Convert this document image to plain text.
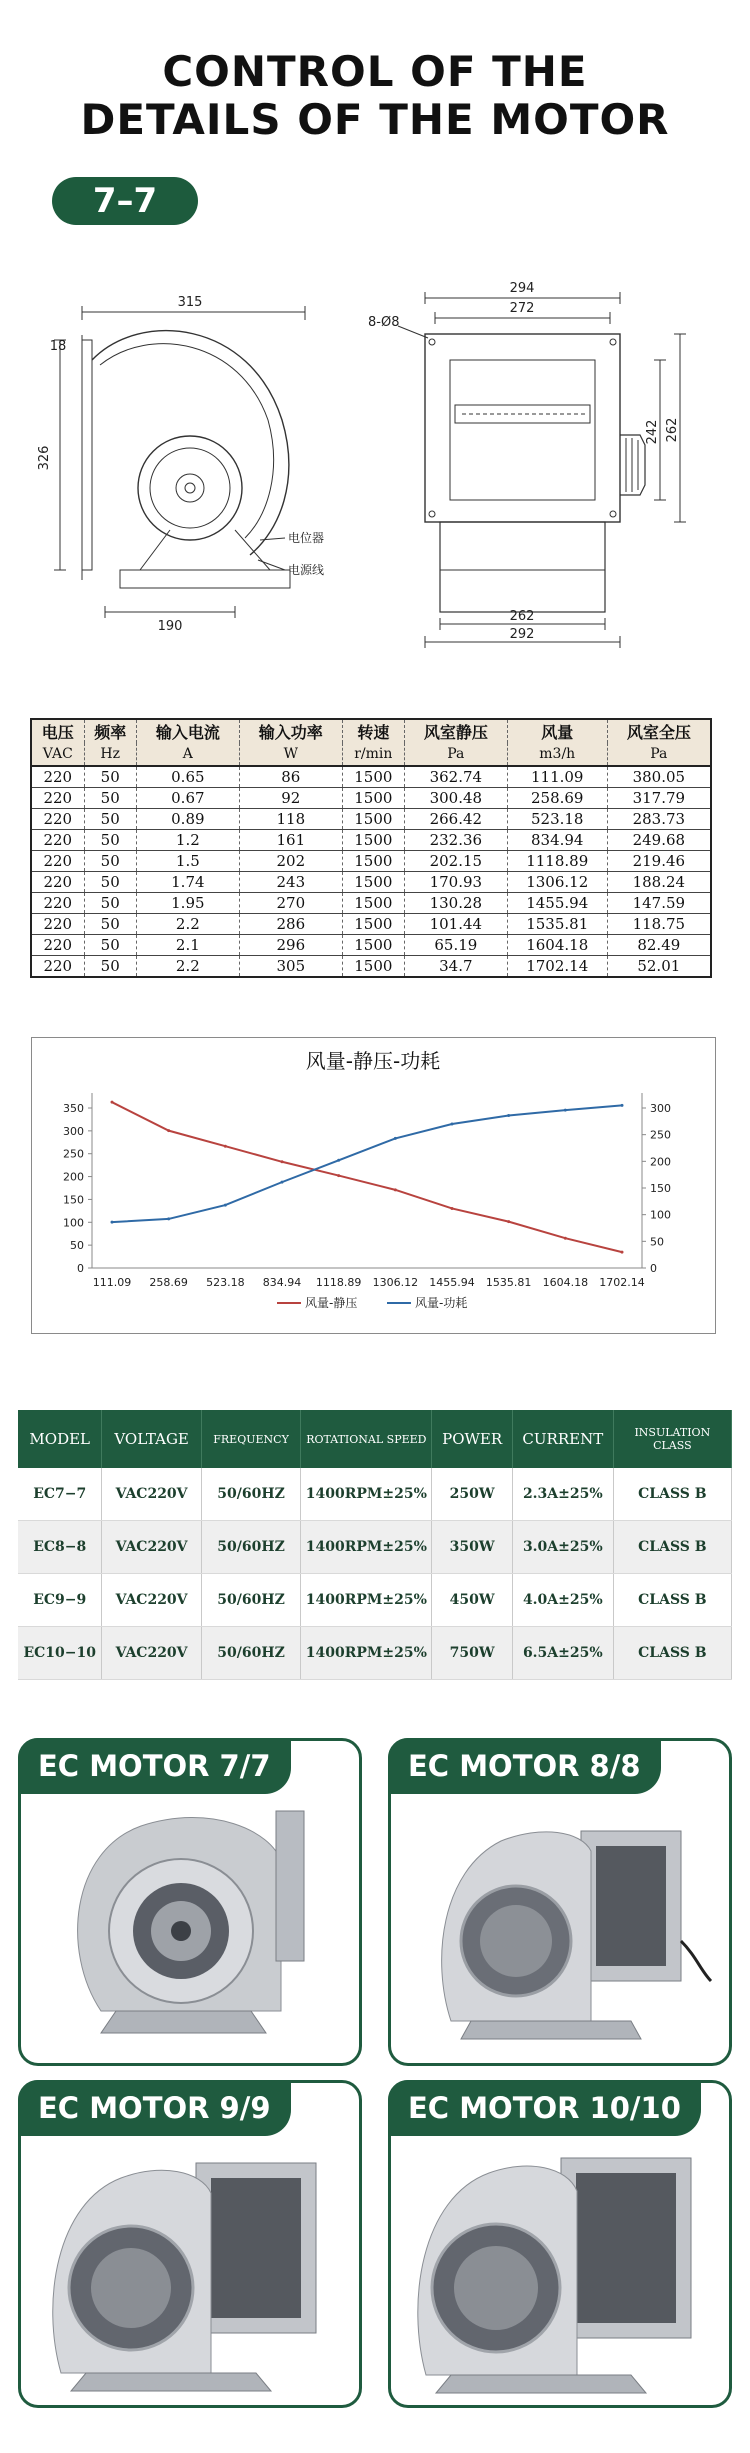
CONTROL OF THE
DETAILS OF THE MOTOR
7–7
315
18
326
190
294
272
8-Ø8
242 262
262
292
电位器
电源线
电压	频率	输入电流	输入功率	转速	风室静压	风量	风室全压
VAC	Hz	A	W	r/min	Pa	m3/h	Pa
220	50	0.65	86	1500	362.74	111.09	380.05
220	50	0.67	92	1500	300.48	258.69	317.79
220	50	0.89	118	1500	266.42	523.18	283.73
220	50	1.2	161	1500	232.36	834.94	249.68
220	50	1.5	202	1500	202.15	1118.89	219.46
220	50	1.74	243	1500	170.93	1306.12	188.24
220	50	1.95	270	1500	130.28	1455.94	147.59
220	50	2.2	286	1500	101.44	1535.81	118.75
220	50	2.1	296	1500	65.19	1604.18	82.49
220	50	2.2	305	1500	34.7	1702.14	52.01
风量-静压-功耗
0
50
100
150
200
250
300
350
0
50
100
150
200
250
300
111.09 258.69 523.18 834.94 1118.89 1306.12 1455.94 1535.81 1604.18 1702.14
风量-静压	风量-功耗
MODEL	VOLTAGE	FREQUENCY	ROTATIONAL SPEED	POWER	CURRENT	INSULATION CLASS
EC7−7	VAC220V	50/60HZ	1400RPM±25%	250W	2.3A±25%	CLASS B
EC8−8	VAC220V	50/60HZ	1400RPM±25%	350W	3.0A±25%	CLASS B
EC9−9	VAC220V	50/60HZ	1400RPM±25%	450W	4.0A±25%	CLASS B
EC10−10	VAC220V	50/60HZ	1400RPM±25%	750W	6.5A±25%	CLASS B
EC MOTOR 7/7	EC MOTOR 8/8
EC MOTOR 9/9	EC MOTOR 10/10
